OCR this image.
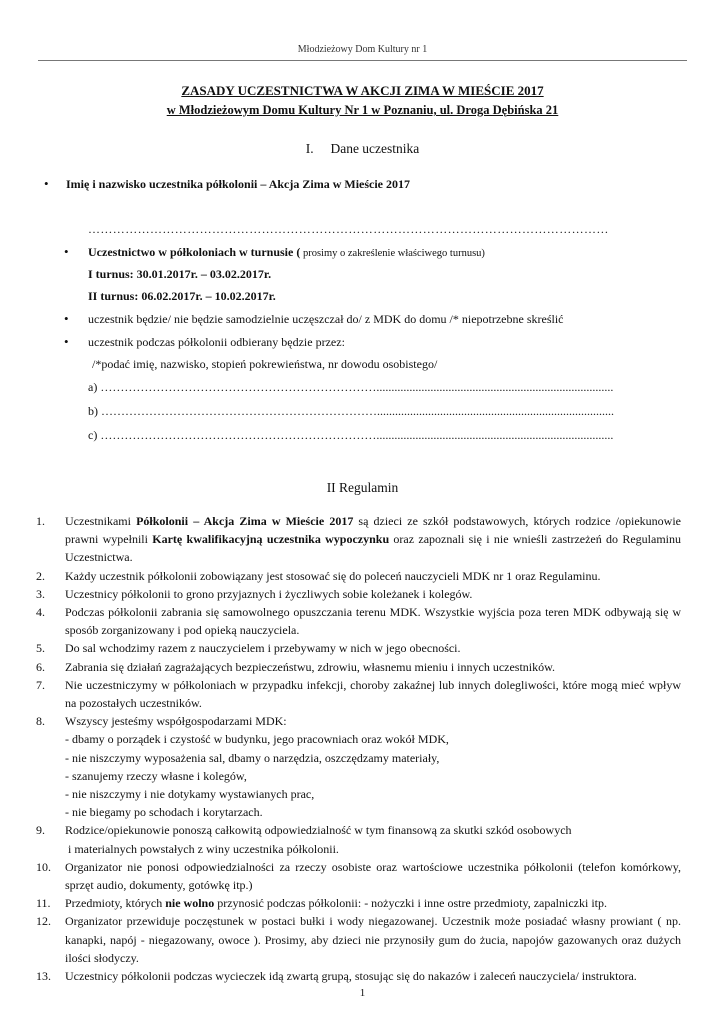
Młodzieżowy Dom Kultury nr 1
ZASADY UCZESTNICTWA W AKCJI ZIMA W MIEŚCIE 2017
w Młodzieżowym Domu Kultury Nr 1 w Poznaniu, ul. Droga Dębińska 21
I. Dane uczestnika
• Imię i nazwisko uczestnika półkolonii – Akcja Zima w Mieście 2017
………………………………………………………………………………………………………………
• Uczestnictwo w półkoloniach w turnusie ( prosimy o zakreślenie właściwego turnusu)
I turnus: 30.01.2017r. – 03.02.2017r.
II turnus: 06.02.2017r. – 10.02.2017r.
• uczestnik będzie/ nie będzie samodzielnie uczęszczał do/ z MDK do domu /* niepotrzebne skreślić
• uczestnik podczas półkolonii odbierany będzie przez:
/*podać imię, nazwisko, stopień pokrewieństwa, nr dowodu osobistego/
a) ……………………………………………………………...............................................................................
b) ……………………………………………………………...............................................................................
c) ……………………………………………………………...............................................................................
II Regulamin
1. Uczestnikami Półkolonii – Akcja Zima w Mieście 2017 są dzieci ze szkół podstawowych, których rodzice /opiekunowie prawni wypełnili Kartę kwalifikacyjną uczestnika wypoczynku oraz zapoznali się i nie wnieśli zastrzeżeń do Regulaminu Uczestnictwa.
2. Każdy uczestnik półkolonii zobowiązany jest stosować się do poleceń nauczycieli MDK nr 1 oraz Regulaminu.
3. Uczestnicy półkolonii to grono przyjaznych i życzliwych sobie koleżanek i kolegów.
4. Podczas półkolonii zabrania się samowolnego opuszczania terenu MDK. Wszystkie wyjścia poza teren MDK odbywają się w sposób zorganizowany i pod opieką nauczyciela.
5. Do sal wchodzimy razem z nauczycielem i przebywamy w nich w jego obecności.
6. Zabrania się działań zagrażających bezpieczeństwu, zdrowiu, własnemu mieniu i innych uczestników.
7. Nie uczestniczymy w półkoloniach w przypadku infekcji, choroby zakaźnej lub innych dolegliwości, które mogą mieć wpływ na pozostałych uczestników.
8. Wszyscy jesteśmy współgospodarzami MDK:
- dbamy o porządek i czystość w budynku, jego pracowniach oraz wokół MDK,
- nie niszczymy wyposażenia sal, dbamy o narzędzia, oszczędzamy materiały,
- szanujemy rzeczy własne i kolegów,
- nie niszczymy i nie dotykamy wystawianych prac,
- nie biegamy po schodach i korytarzach.
9. Rodzice/opiekunowie ponoszą całkowitą odpowiedzialność w tym finansową za skutki szkód osobowych
i materialnych powstałych z winy uczestnika półkolonii.
10. Organizator nie ponosi odpowiedzialności za rzeczy osobiste oraz wartościowe uczestnika półkolonii (telefon komórkowy, sprzęt audio, dokumenty, gotówkę itp.)
11. Przedmioty, których nie wolno przynosić podczas półkolonii: - nożyczki i inne ostre przedmioty, zapalniczki itp.
12. Organizator przewiduje poczęstunek w postaci bułki i wody niegazowanej. Uczestnik może posiadać własny prowiant ( np. kanapki, napój - niegazowany, owoce ). Prosimy, aby dzieci nie przynosiły gum do żucia, napojów gazowanych oraz dużych ilości słodyczy.
13. Uczestnicy półkolonii podczas wycieczek idą zwartą grupą, stosując się do nakazów i zaleceń nauczyciela/ instruktora.
1
